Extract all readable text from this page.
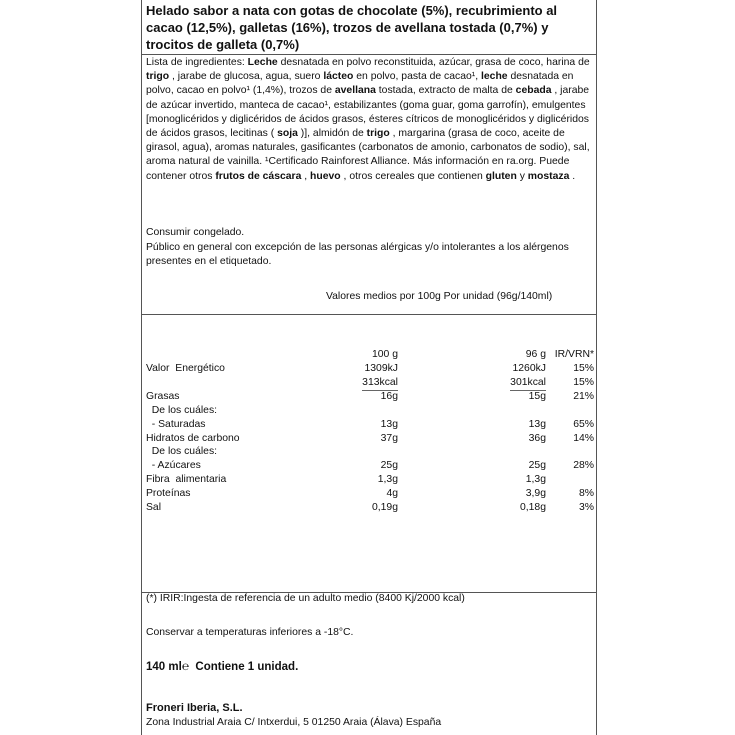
Helado sabor a nata con gotas de chocolate (5%), recubrimiento al cacao (12,5%), galletas (16%), trozos de avellana tostada (0,7%) y trocitos de galleta (0,7%)

Lista de ingredientes: Leche desnatada en polvo reconstituida, azúcar, grasa de coco, harina de trigo , jarabe de glucosa, agua, suero lácteo en polvo, pasta de cacao¹, leche desnatada en polvo, cacao en polvo¹ (1,4%), trozos de avellana tostada, extracto de malta de cebada , jarabe de azúcar invertido, manteca de cacao¹, estabilizantes (goma guar, goma garrofín), emulgentes [monoglicéridos y diglicéridos de ácidos grasos, ésteres cítricos de monoglicéridos y diglicéridos de ácidos grasos, lecitinas ( soja )], almidón de trigo , margarina (grasa de coco, aceite de girasol, agua), aromas naturales, gasificantes (carbonatos de amonio, carbonatos de sodio), sal, aroma natural de vainilla. ¹Certificado Rainforest Alliance. Más información en ra.org. Puede contener otros frutos de cáscara , huevo , otros cereales que contienen gluten y mostaza .

Consumir congelado.

Público en general con excepción de las personas alérgicas y/o intolerantes a los alérgenos presentes en el etiquetado.

Valores medios por 100g Por unidad (96g/140ml)
100 g	96 g IR/VRN*
Valor  Energético	1309kJ	1260kJ	15%
313kcal	301kcal	15%
Grasas	16g	15g	21%
De los cuáles:
- Saturadas	13g	13g	65%
Hidratos de carbono	37g	36g	14%
De los cuáles:
- Azúcares	25g	25g	28%
Fibra  alimentaria	1,3g	1,3g
Proteínas	4g	3,9g	8%
Sal	0,19g	0,18g	3%

(*) IRIR:Ingesta de referencia de un adulto medio (8400 Kj/2000 kcal)

Conservar a temperaturas inferiores a -18°C.

140 ml℮ Contiene 1 unidad.
Froneri Iberia, S.L.
Zona Industrial Araia C/ Intxerdui, 5 01250 Araia (Álava) España
